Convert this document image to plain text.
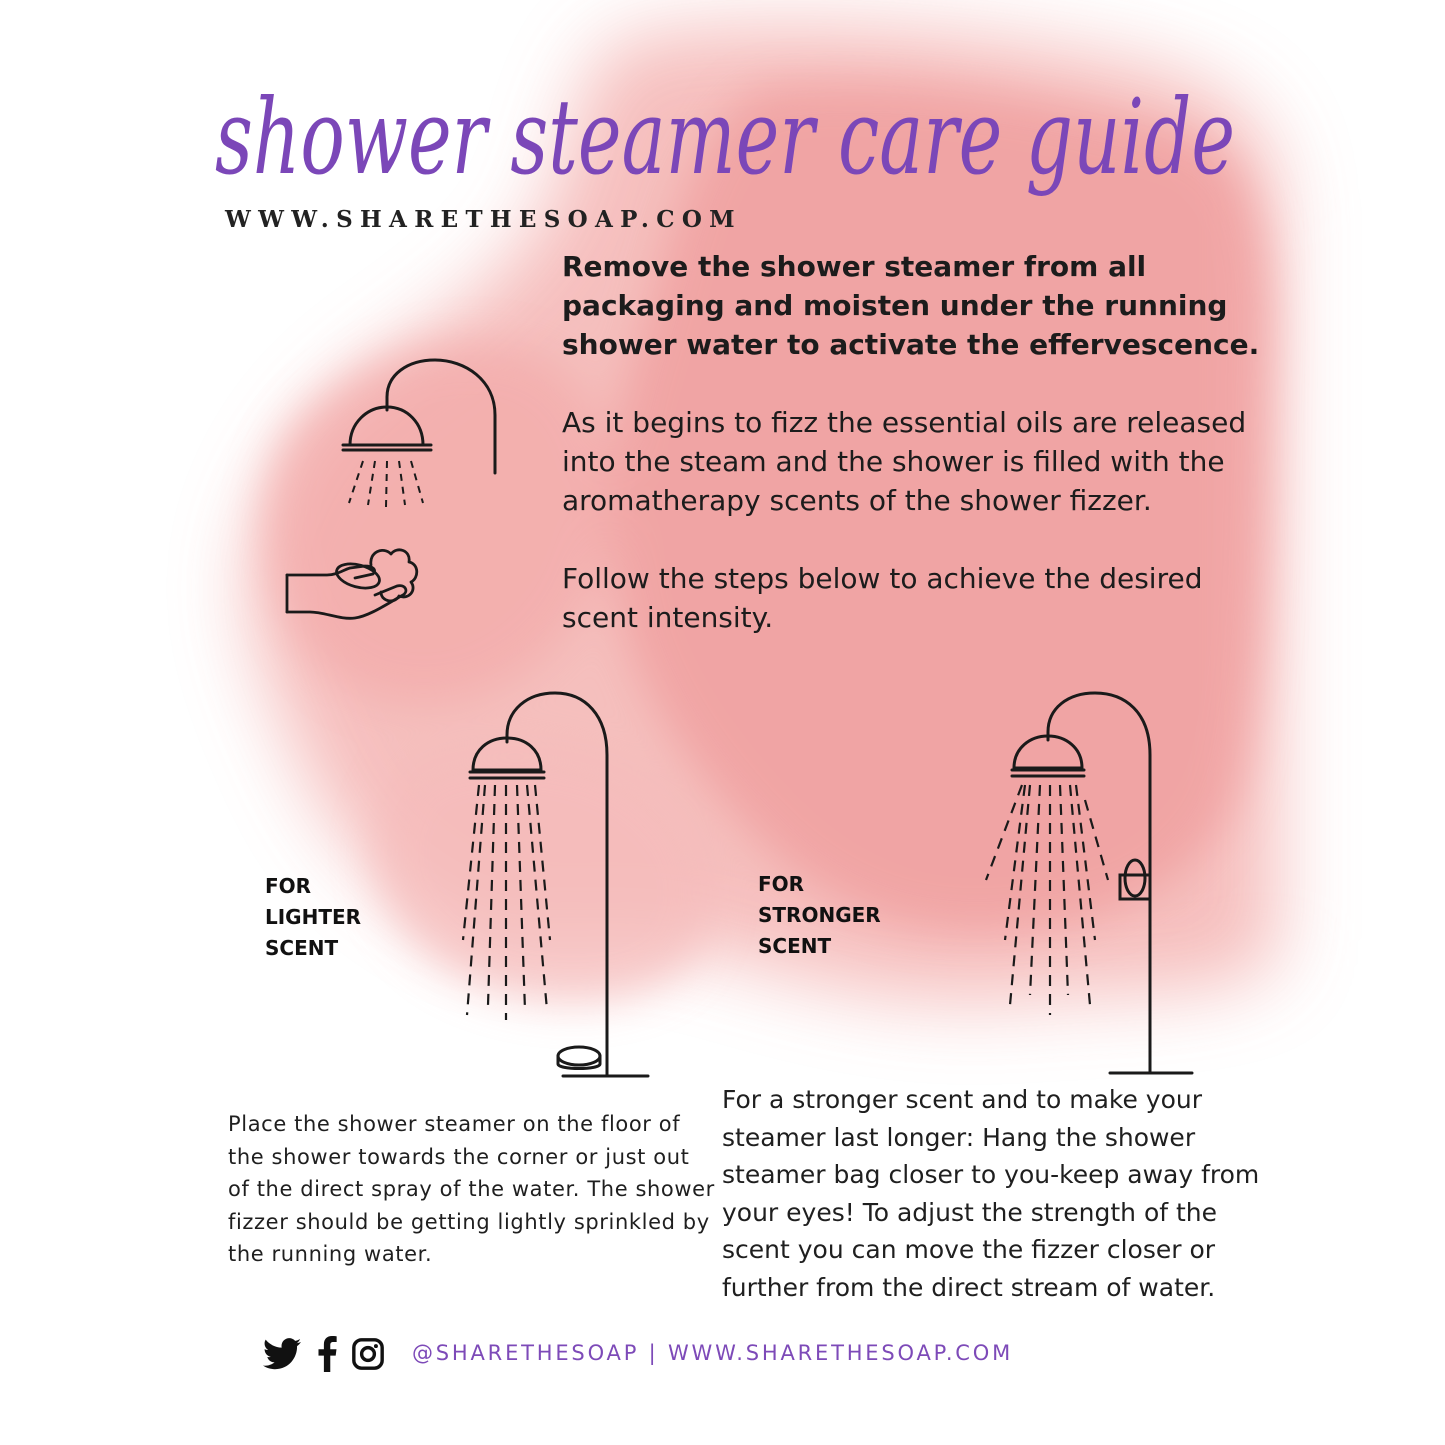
shower steamer care guide
WWW.SHARETHESOAP.COM

Remove the shower steamer from all packaging and moisten under the running shower water to activate the effervescence.

As it begins to fizz the essential oils are released into the steam and the shower is filled with the aromatherapy scents of the shower fizzer.

Follow the steps below to achieve the desired scent intensity.

FOR
LIGHTER
SCENT
FOR
STRONGER
SCENT
Place the shower steamer on the floor of the shower towards the corner or just out of the direct spray of the water. The shower fizzer should be getting lightly sprinkled by the running water.
For a stronger scent and to make your steamer last longer: Hang the shower steamer bag closer to you-keep away from your eyes! To adjust the strength of the scent you can move the fizzer closer or further from the direct stream of water.
@SHARETHESOAP | WWW.SHARETHESOAP.COM
